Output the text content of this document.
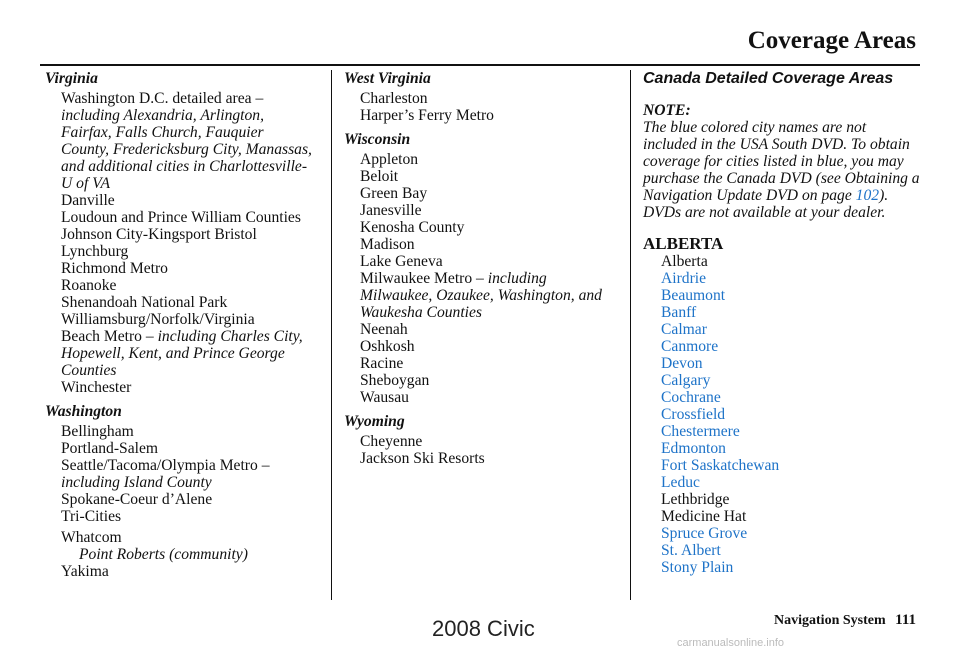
Coverage Areas
Virginia
Washington D.C. detailed area –
including Alexandria, Arlington, Fairfax, Falls Church, Fauquier County, Fredericksburg City, Manassas, and additional cities in Charlottesville-U of VA
Danville
Loudoun and Prince William Counties
Johnson City-Kingsport Bristol
Lynchburg
Richmond Metro
Roanoke
Shenandoah National Park
Williamsburg/Norfolk/Virginia
Beach Metro – including Charles City, Hopewell, Kent, and Prince George Counties
Winchester
Washington
Bellingham
Portland-Salem
Seattle/Tacoma/Olympia Metro –
including Island County
Spokane-Coeur d’Alene
Tri-Cities
Whatcom
Point Roberts (community)
Yakima
West Virginia
Charleston
Harper’s Ferry Metro
Wisconsin
Appleton
Beloit
Green Bay
Janesville
Kenosha County
Madison
Lake Geneva
Milwaukee Metro – including Milwaukee, Ozaukee, Washington, and Waukesha Counties
Neenah
Oshkosh
Racine
Sheboygan
Wausau
Wyoming
Cheyenne
Jackson Ski Resorts
Canada Detailed Coverage Areas
NOTE:
The blue colored city names are not included in the USA South DVD. To obtain coverage for cities listed in blue, you may purchase the Canada DVD (see Obtaining a Navigation Update DVD on page 102). DVDs are not available at your dealer.
ALBERTA
Alberta
Airdrie
Beaumont
Banff
Calmar
Canmore
Devon
Calgary
Cochrane
Crossfield
Chestermere
Edmonton
Fort Saskatchewan
Leduc
Lethbridge
Medicine Hat
Spruce Grove
St. Albert
Stony Plain
Navigation System 111
2008 Civic
carmanualsonline.info
